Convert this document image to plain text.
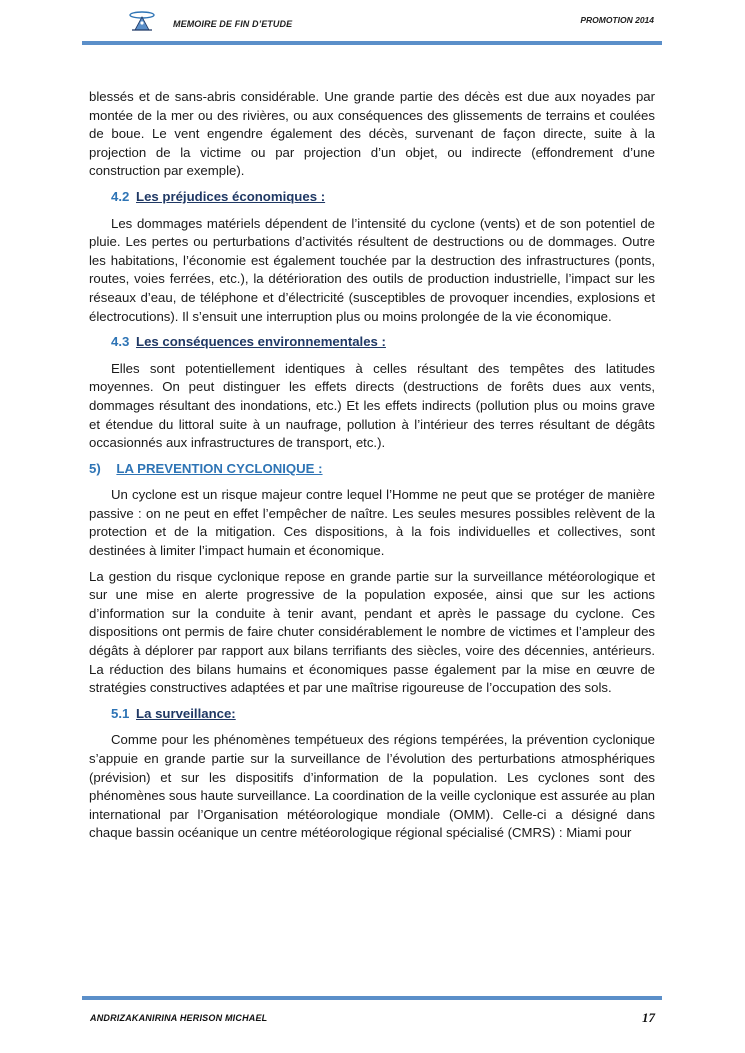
MEMOIRE DE FIN D’ETUDE	PROMOTION 2014

blessés et de sans-abris considérable. Une grande partie des décès est due aux noyades par montée de la mer ou des rivières, ou aux conséquences des glissements de terrains et coulées de boue. Le vent engendre également des décès, survenant de façon directe, suite à la projection de la victime ou par projection d’un objet, ou indirecte (effondrement d’une construction par exemple).

4.2 Les préjudices économiques :

Les dommages matériels dépendent de l’intensité du cyclone (vents) et de son potentiel de pluie. Les pertes ou perturbations d’activités résultent de destructions ou de dommages. Outre les habitations, l’économie est également touchée par la destruction des infrastructures (ponts, routes, voies ferrées, etc.), la détérioration des outils de production industrielle, l’impact sur les réseaux d’eau, de téléphone et d’électricité (susceptibles de provoquer incendies, explosions et électrocutions). Il s’ensuit une interruption plus ou moins prolongée de la vie économique.

4.3 Les conséquences environnementales :

Elles sont potentiellement identiques à celles résultant des tempêtes des latitudes moyennes. On peut distinguer les effets directs (destructions de forêts dues aux vents, dommages résultant des inondations, etc.) Et les effets indirects (pollution plus ou moins grave et étendue du littoral suite à un naufrage, pollution à l’intérieur des terres résultant de dégâts occasionnés aux infrastructures de transport, etc.).

5) LA PREVENTION CYCLONIQUE :

Un cyclone est un risque majeur contre lequel l’Homme ne peut que se protéger de manière passive : on ne peut en effet l’empêcher de naître. Les seules mesures possibles relèvent de la protection et de la mitigation. Ces dispositions, à la fois individuelles et collectives, sont destinées à limiter l’impact humain et économique.

La gestion du risque cyclonique repose en grande partie sur la surveillance météorologique et sur une mise en alerte progressive de la population exposée, ainsi que sur les actions d’information sur la conduite à tenir avant, pendant et après le passage du cyclone. Ces dispositions ont permis de faire chuter considérablement le nombre de victimes et l’ampleur des dégâts à déplorer par rapport aux bilans terrifiants des siècles, voire des décennies, antérieurs. La réduction des bilans humains et économiques passe également par la mise en œuvre de stratégies constructives adaptées et par une maîtrise rigoureuse de l’occupation des sols.

5.1 La surveillance:

Comme pour les phénomènes tempétueux des régions tempérées, la prévention cyclonique s’appuie en grande partie sur la surveillance de l’évolution des perturbations atmosphériques (prévision) et sur les dispositifs d’information de la population. Les cyclones sont des phénomènes sous haute surveillance. La coordination de la veille cyclonique est assurée au plan international par l’Organisation météorologique mondiale (OMM). Celle-ci a désigné dans chaque bassin océanique un centre météorologique régional spécialisé (CMRS) : Miami pour

ANDRIZAKANIRINA HERISON MICHAEL	17
